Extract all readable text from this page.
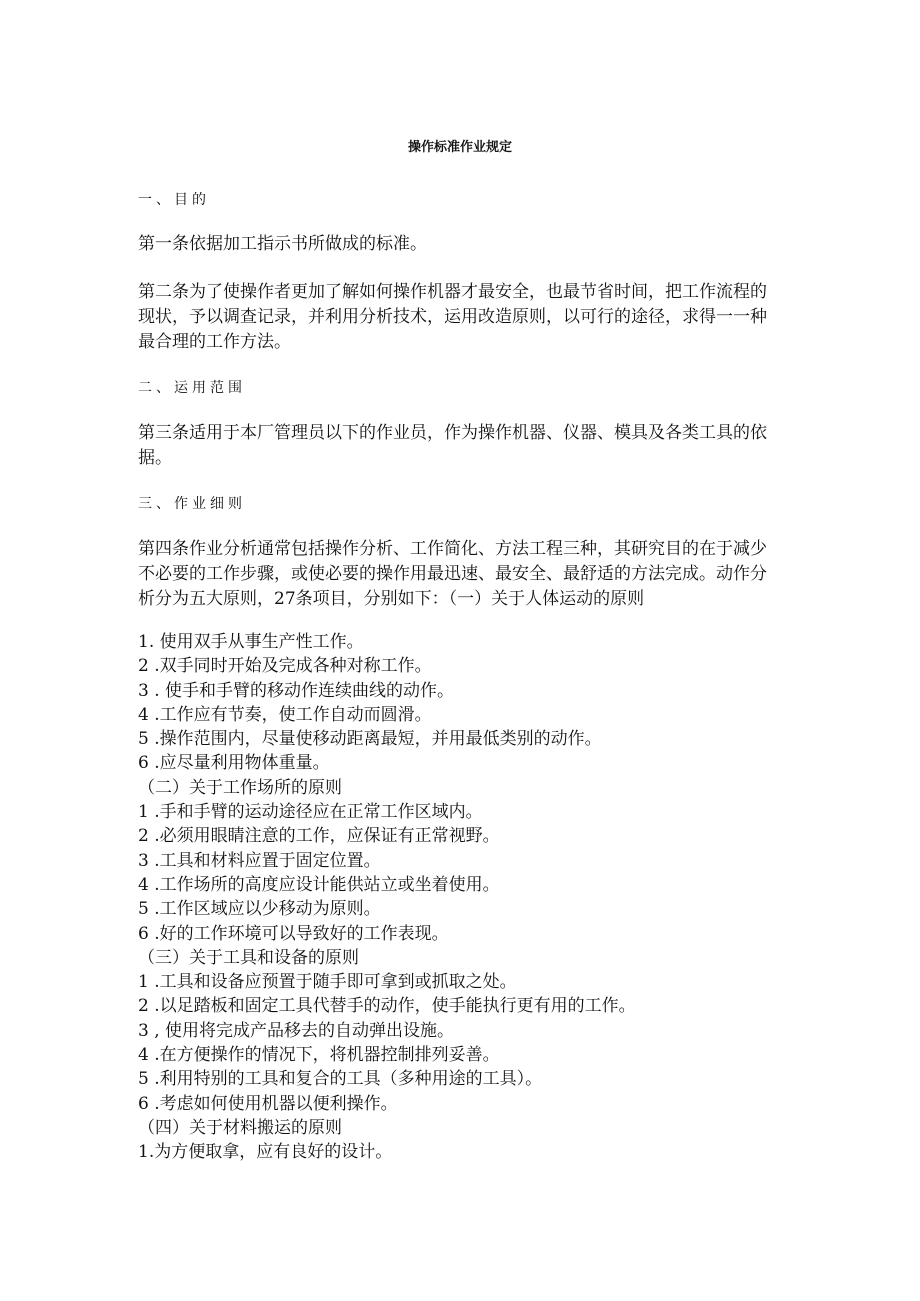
操作标准作业规定
一、目的
第一条依据加工指示书所做成的标准。
第二条为了使操作者更加了解如何操作机器才最安全，也最节省时间，把工作流程的现状，予以调查记录，并利用分析技术，运用改造原则，以可行的途径，求得一一种最合理的工作方法。
二、运用范围
第三条适用于本厂管理员以下的作业员，作为操作机器、仪器、模具及各类工具的依据。
三、作业细则
第四条作业分析通常包括操作分析、工作简化、方法工程三种，其研究目的在于减少不必要的工作步骤，或使必要的操作用最迅速、最安全、最舒适的方法完成。动作分析分为五大原则，27条项目，分别如下：（一）关于人体运动的原则
1. 使用双手从事生产性工作。
2 .双手同时开始及完成各种对称工作。
3 . 使手和手臂的移动作连续曲线的动作。
4 .工作应有节奏，使工作自动而圆滑。
5 .操作范围内，尽量使移动距离最短，并用最低类别的动作。
6 .应尽量利用物体重量。
（二）关于工作场所的原则
1 .手和手臂的运动途径应在正常工作区域内。
2 .必须用眼睛注意的工作，应保证有正常视野。
3 .工具和材料应置于固定位置。
4 .工作场所的高度应设计能供站立或坐着使用。
5 .工作区域应以少移动为原则。
6 .好的工作环境可以导致好的工作表现。
（三）关于工具和设备的原则
1 .工具和设备应预置于随手即可拿到或抓取之处。
2 .以足踏板和固定工具代替手的动作，使手能执行更有用的工作。
3 , 使用将完成产品移去的自动弹出设施。
4 .在方便操作的情况下，将机器控制排列妥善。
5 .利用特别的工具和复合的工具（多种用途的工具）。
6 .考虑如何使用机器以便利操作。
（四）关于材料搬运的原则
1.为方便取拿，应有良好的设计。
